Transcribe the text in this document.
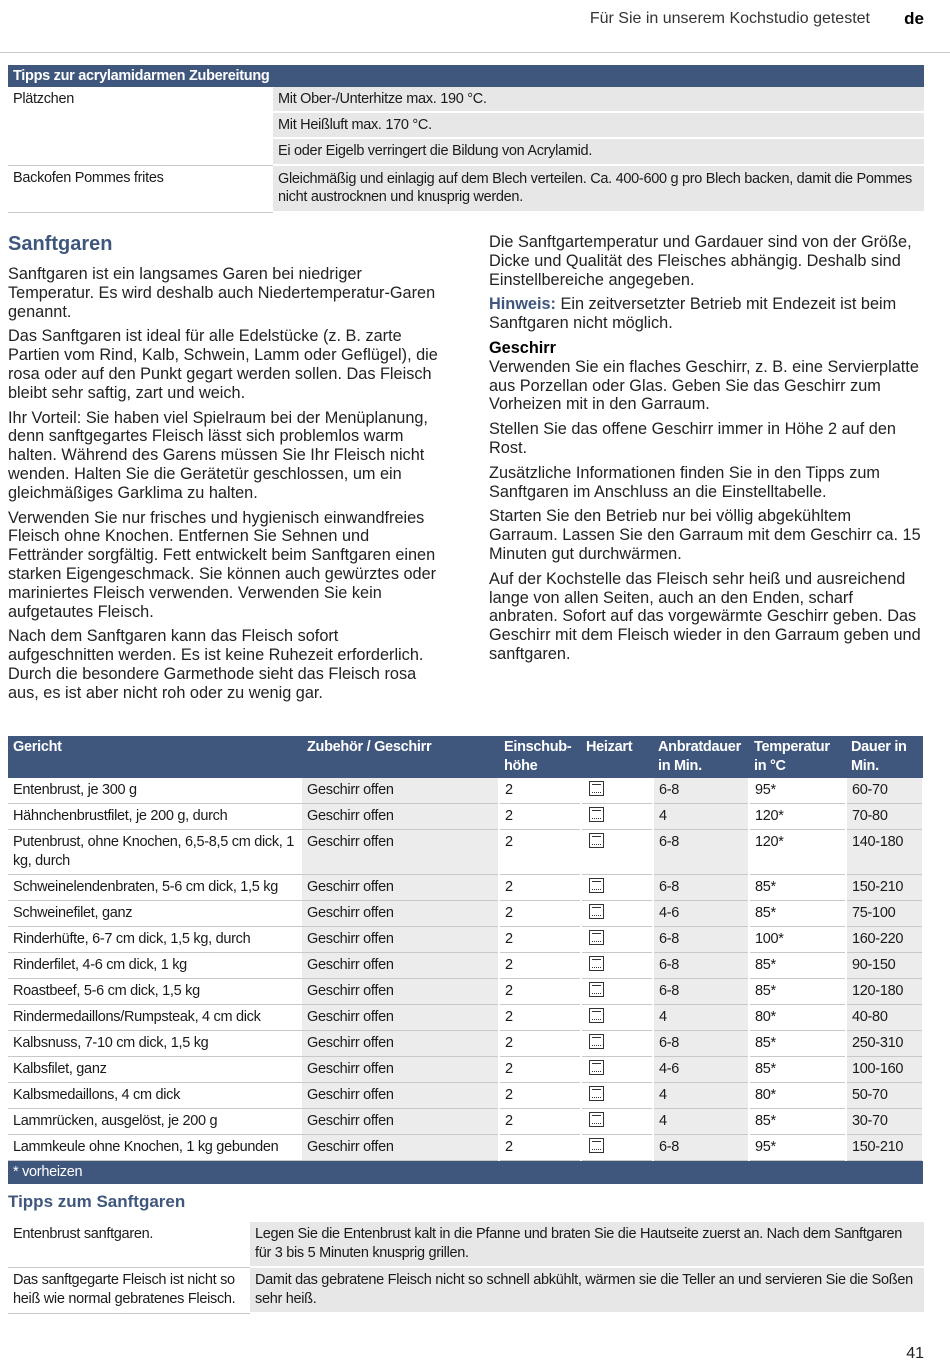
Für Sie in unserem Kochstudio getestet de
Tipps zur acrylamidarmen Zubereitung	
Plätzchen	Mit Ober-/Unterhitze max. 190 °C.
Mit Heißluft max. 170 °C.
Ei oder Eigelb verringert die Bildung von Acrylamid.

Backofen Pommes frites	Gleichmäßig und einlagig auf dem Blech verteilen. Ca. 400-600 g pro Blech backen, damit die Pommes nicht austrocknen und knusprig werden.
Sanftgaren

Sanftgaren ist ein langsames Garen bei niedriger Temperatur. Es wird deshalb auch Niedertemperatur-Garen genannt.

Das Sanftgaren ist ideal für alle Edelstücke (z. B. zarte Partien vom Rind, Kalb, Schwein, Lamm oder Geflügel), die rosa oder auf den Punkt gegart werden sollen. Das Fleisch bleibt sehr saftig, zart und weich.

Ihr Vorteil: Sie haben viel Spielraum bei der Menüplanung, denn sanftgegartes Fleisch lässt sich problemlos warm halten. Während des Garens müssen Sie Ihr Fleisch nicht wenden. Halten Sie die Gerätetür geschlossen, um ein gleichmäßiges Garklima zu halten.

Verwenden Sie nur frisches und hygienisch einwandfreies Fleisch ohne Knochen. Entfernen Sie Sehnen und Fettränder sorgfältig. Fett entwickelt beim Sanftgaren einen starken Eigengeschmack. Sie können auch gewürztes oder mariniertes Fleisch verwenden. Verwenden Sie kein aufgetautes Fleisch.

Nach dem Sanftgaren kann das Fleisch sofort aufgeschnitten werden. Es ist keine Ruhezeit erforderlich. Durch die besondere Garmethode sieht das Fleisch rosa aus, es ist aber nicht roh oder zu wenig gar.

Die Sanftgartemperatur und Gardauer sind von der Größe, Dicke und Qualität des Fleisches abhängig. Deshalb sind Einstellbereiche angegeben.

Hinweis: Ein zeitversetzter Betrieb mit Endezeit ist beim Sanftgaren nicht möglich.

Geschirr

Verwenden Sie ein flaches Geschirr, z. B. eine Servierplatte aus Porzellan oder Glas. Geben Sie das Geschirr zum Vorheizen mit in den Garraum.

Stellen Sie das offene Geschirr immer in Höhe 2 auf den Rost.

Zusätzliche Informationen finden Sie in den Tipps zum Sanftgaren im Anschluss an die Einstelltabelle.

Starten Sie den Betrieb nur bei völlig abgekühltem Garraum. Lassen Sie den Garraum mit dem Geschirr ca. 15 Minuten gut durchwärmen.

Auf der Kochstelle das Fleisch sehr heiß und ausreichend lange von allen Seiten, auch an den Enden, scharf anbraten. Sofort auf das vorgewärmte Geschirr geben. Das Geschirr mit dem Fleisch wieder in den Garraum geben und sanftgaren.

Gericht	Zubehör / Geschirr	Einschub-höhe	Heizart	Anbratdauer in Min.	Temperatur in °C	Dauer in Min.
Entenbrust, je 300 g	Geschirr offen	2		6-8	95*	60-70
Hähnchenbrustfilet, je 200 g, durch	Geschirr offen	2		4	120*	70-80
Putenbrust, ohne Knochen, 6,5-8,5 cm dick, 1 kg, durch	Geschirr offen	2		6-8	120*	140-180
Schweinelendenbraten, 5-6 cm dick, 1,5 kg	Geschirr offen	2		6-8	85*	150-210
Schweinefilet, ganz	Geschirr offen	2		4-6	85*	75-100
Rinderhüfte, 6-7 cm dick, 1,5 kg, durch	Geschirr offen	2		6-8	100*	160-220
Rinderfilet, 4-6 cm dick, 1 kg	Geschirr offen	2		6-8	85*	90-150
Roastbeef, 5-6 cm dick, 1,5 kg	Geschirr offen	2		6-8	85*	120-180
Rindermedaillons/Rumpsteak, 4 cm dick	Geschirr offen	2		4	80*	40-80
Kalbsnuss, 7-10 cm dick, 1,5 kg	Geschirr offen	2		6-8	85*	250-310
Kalbsfilet, ganz	Geschirr offen	2		4-6	85*	100-160
Kalbsmedaillons, 4 cm dick	Geschirr offen	2		4	80*	50-70
Lammrücken, ausgelöst, je 200 g	Geschirr offen	2		4	85*	30-70
Lammkeule ohne Knochen, 1 kg gebunden	Geschirr offen	2		6-8	95*	150-210
* vorheizen						
Tipps zum Sanftgaren
Entenbrust sanftgaren.	Legen Sie die Entenbrust kalt in die Pfanne und braten Sie die Hautseite zuerst an. Nach dem Sanftgaren für 3 bis 5 Minuten knusprig grillen.
Das sanftgegarte Fleisch ist nicht so heiß wie normal gebratenes Fleisch.	Damit das gebratene Fleisch nicht so schnell abkühlt, wärmen sie die Teller an und servieren Sie die Soßen sehr heiß.
41
